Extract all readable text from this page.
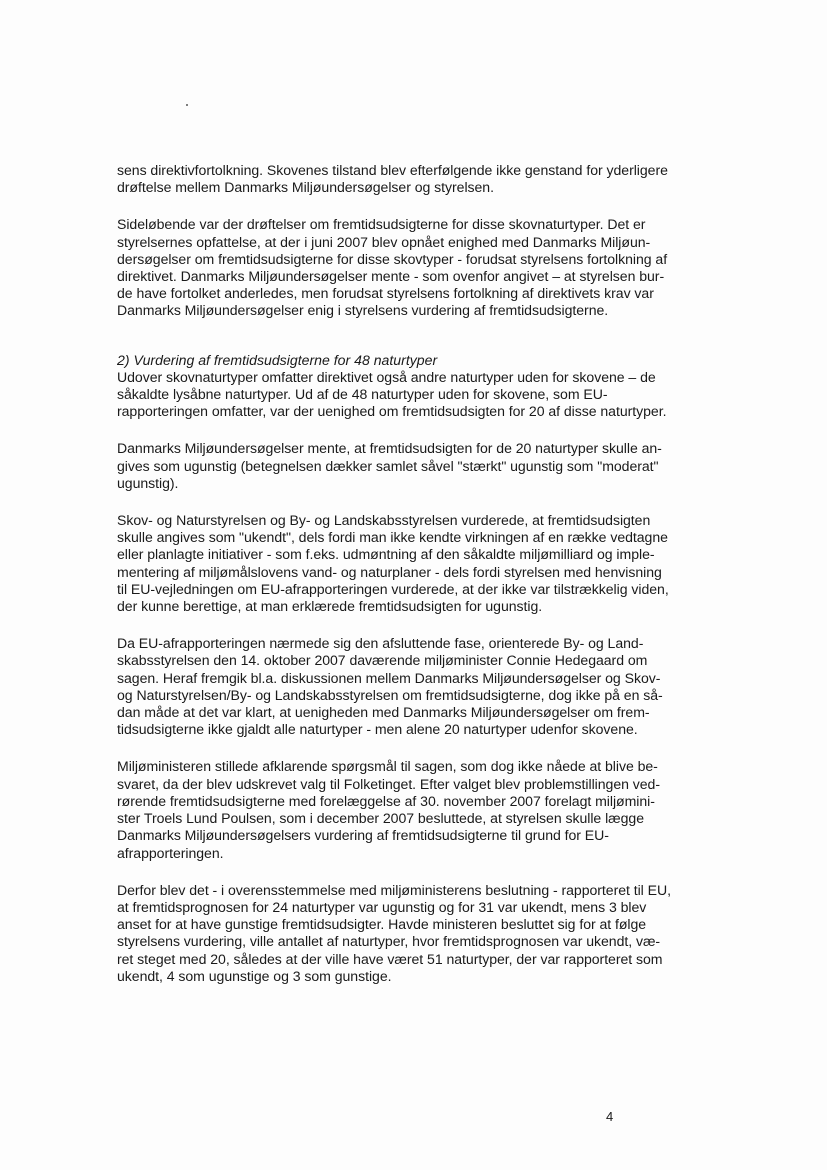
sens direktivfortolkning. Skovenes tilstand blev efterfølgende ikke genstand for yderligere
drøftelse mellem Danmarks Miljøundersøgelser og styrelsen.

Sideløbende var der drøftelser om fremtidsudsigterne for disse skovnaturtyper. Det er
styrelsernes opfattelse, at der i juni 2007 blev opnået enighed med Danmarks Miljøun-
dersøgelser om fremtidsudsigterne for disse skovtyper - forudsat styrelsens fortolkning af
direktivet. Danmarks Miljøundersøgelser mente - som ovenfor angivet – at styrelsen bur-
de have fortolket anderledes, men forudsat styrelsens fortolkning af direktivets krav var
Danmarks Miljøundersøgelser enig i styrelsens vurdering af fremtidsudsigterne.

2) Vurdering af fremtidsudsigterne for 48 naturtyper

Udover skovnaturtyper omfatter direktivet også andre naturtyper uden for skovene – de
såkaldte lysåbne naturtyper. Ud af de 48 naturtyper uden for skovene, som EU-
rapporteringen omfatter, var der uenighed om fremtidsudsigten for 20 af disse naturtyper.

Danmarks Miljøundersøgelser mente, at fremtidsudsigten for de 20 naturtyper skulle an-
gives som ugunstig (betegnelsen dækker samlet såvel "stærkt" ugunstig som "moderat"
ugunstig).

Skov- og Naturstyrelsen og By- og Landskabsstyrelsen vurderede, at fremtidsudsigten
skulle angives som "ukendt", dels fordi man ikke kendte virkningen af en række vedtagne
eller planlagte initiativer - som f.eks. udmøntning af den såkaldte miljømilliard og imple-
mentering af miljømålslovens vand- og naturplaner - dels fordi styrelsen med henvisning
til EU-vejledningen om EU-afrapporteringen vurderede, at der ikke var tilstrækkelig viden,
der kunne berettige, at man erklærede fremtidsudsigten for ugunstig.

Da EU-afrapporteringen nærmede sig den afsluttende fase, orienterede By- og Land-
skabsstyrelsen den 14. oktober 2007 daværende miljøminister Connie Hedegaard om
sagen. Heraf fremgik bl.a. diskussionen mellem Danmarks Miljøundersøgelser og Skov-
og Naturstyrelsen/By- og Landskabsstyrelsen om fremtidsudsigterne, dog ikke på en så-
dan måde at det var klart, at uenigheden med Danmarks Miljøundersøgelser om frem-
tidsudsigterne ikke gjaldt alle naturtyper - men alene 20 naturtyper udenfor skovene.

Miljøministeren stillede afklarende spørgsmål til sagen, som dog ikke nåede at blive be-
svaret, da der blev udskrevet valg til Folketinget. Efter valget blev problemstillingen ved-
rørende fremtidsudsigterne med forelæggelse af 30. november 2007 forelagt miljømini-
ster Troels Lund Poulsen, som i december 2007 besluttede, at styrelsen skulle lægge
Danmarks Miljøundersøgelsers vurdering af fremtidsudsigterne til grund for EU-
afrapporteringen.

Derfor blev det - i overensstemmelse med miljøministerens beslutning - rapporteret til EU,
at fremtidsprognosen for 24 naturtyper var ugunstig og for 31 var ukendt, mens 3 blev
anset for at have gunstige fremtidsudsigter. Havde ministeren besluttet sig for at følge
styrelsens vurdering, ville antallet af naturtyper, hvor fremtidsprognosen var ukendt, væ-
ret steget med 20, således at der ville have været 51 naturtyper, der var rapporteret som
ukendt, 4 som ugunstige og 3 som gunstige.

4
